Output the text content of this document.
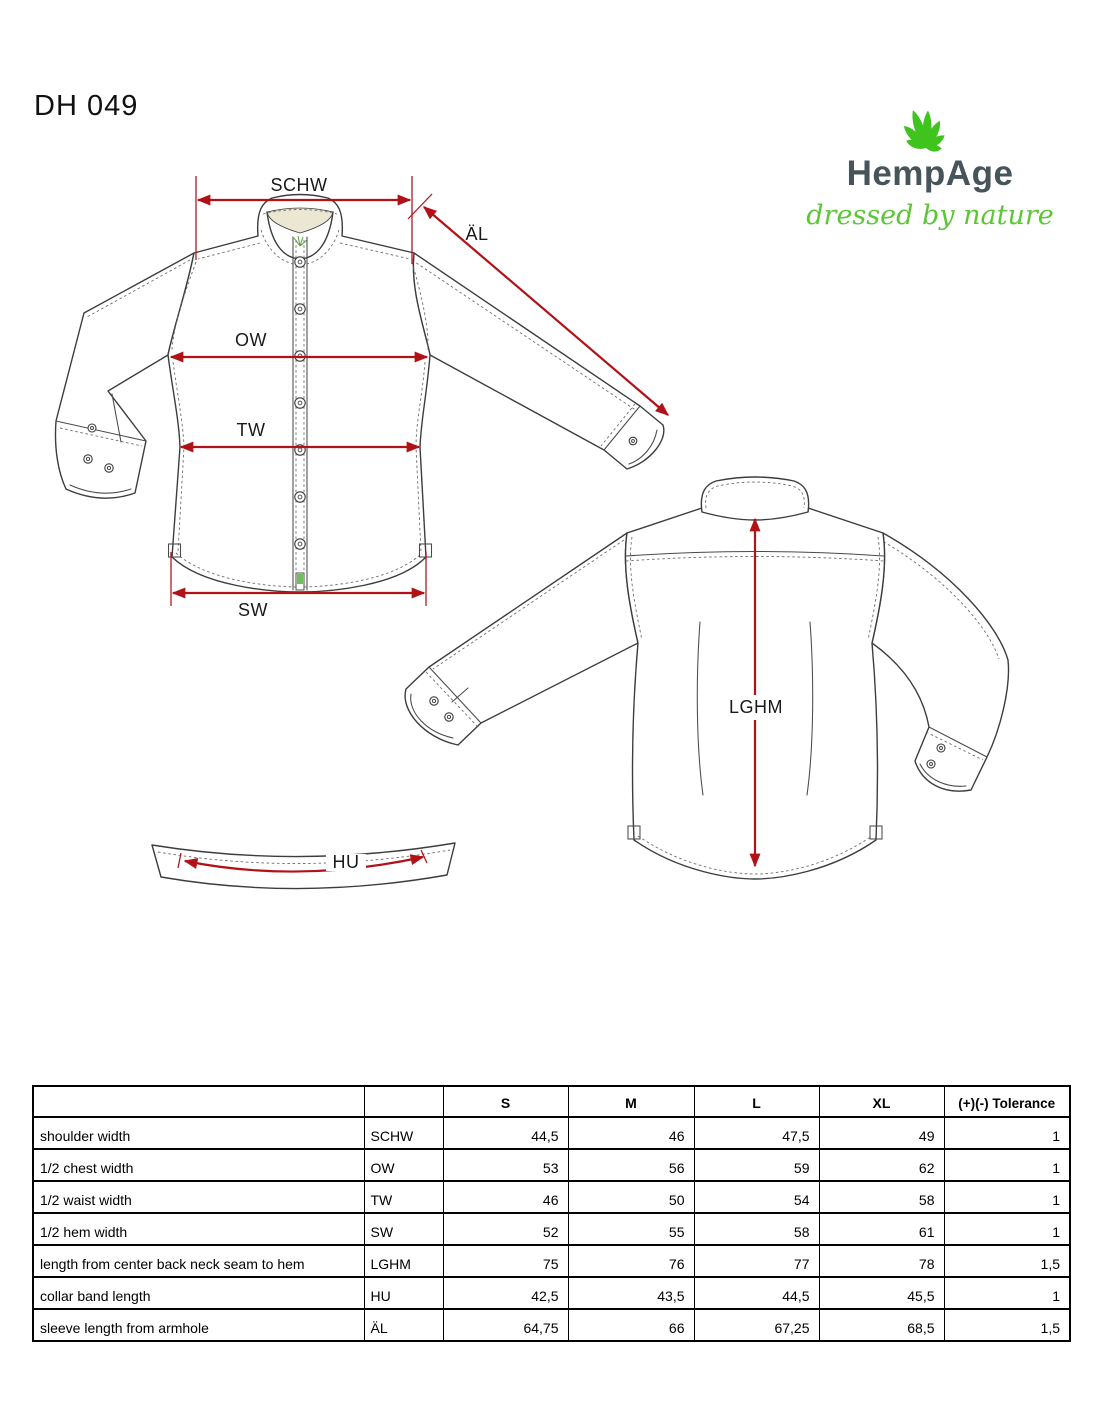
DH 049
HempAge
dressed by nature
SCHW
ÄL
OW
TW
SW
LGHM
HU
		S	M	L	XL	(+)(-) Tolerance
shoulder width	SCHW	44,5	46	47,5	49	1
1/2 chest width	OW	53	56	59	62	1
1/2 waist width	TW	46	50	54	58	1
1/2 hem width	SW	52	55	58	61	1
length from center back neck seam to hem	LGHM	75	76	77	78	1,5
collar band length	HU	42,5	43,5	44,5	45,5	1
sleeve length from armhole	ÄL	64,75	66	67,25	68,5	1,5
